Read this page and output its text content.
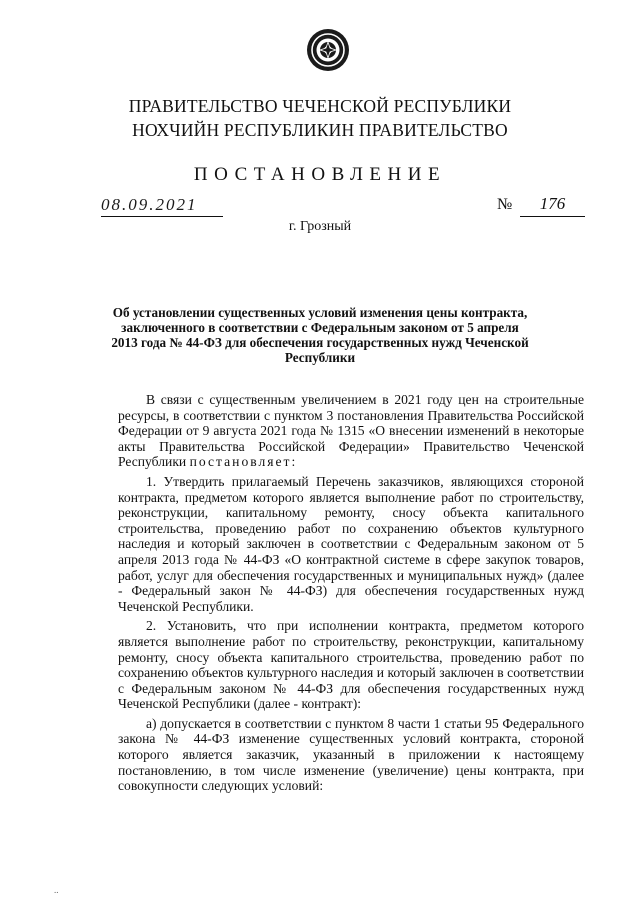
ПРАВИТЕЛЬСТВО ЧЕЧЕНСКОЙ РЕСПУБЛИКИ
НОХЧИЙН РЕСПУБЛИКИН ПРАВИТЕЛЬСТВО
ПОСТАНОВЛЕНИЕ
08.09.2021	№	176
г. Грозный
Об установлении существенных условий изменения цены контракта, заключенного в соответствии с Федеральным законом от 5 апреля 2013 года № 44-ФЗ для обеспечения государственных нужд Чеченской Республики

В связи с существенным увеличением в 2021 году цен на строительные ресурсы, в соответствии с пунктом 3 постановления Правительства Российской Федерации от 9 августа 2021 года № 1315 «О внесении изменений в некоторые акты Правительства Российской Федерации» Правительство Чеченской Республики постановляет:

1. Утвердить прилагаемый Перечень заказчиков, являющихся стороной контракта, предметом которого является выполнение работ по строительству, реконструкции, капитальному ремонту, сносу объекта капитального строительства, проведению работ по сохранению объектов культурного наследия и который заключен в соответствии с Федеральным законом от 5 апреля 2013 года № 44-ФЗ «О контрактной системе в сфере закупок товаров, работ, услуг для обеспечения государственных и муниципальных нужд» (далее - Федеральный закон № 44-ФЗ) для обеспечения государственных нужд Чеченской Республики.

2. Установить, что при исполнении контракта, предметом которого является выполнение работ по строительству, реконструкции, капитальному ремонту, сносу объекта капитального строительства, проведению работ по сохранению объектов культурного наследия и который заключен в соответствии с Федеральным законом № 44-ФЗ для обеспечения государственных нужд Чеченской Республики (далее - контракт):

а) допускается в соответствии с пунктом 8 части 1 статьи 95 Федерального закона № 44-ФЗ изменение существенных условий контракта, стороной которого является заказчик, указанный в приложении к настоящему постановлению, в том числе изменение (увеличение) цены контракта, при совокупности следующих условий:

..
